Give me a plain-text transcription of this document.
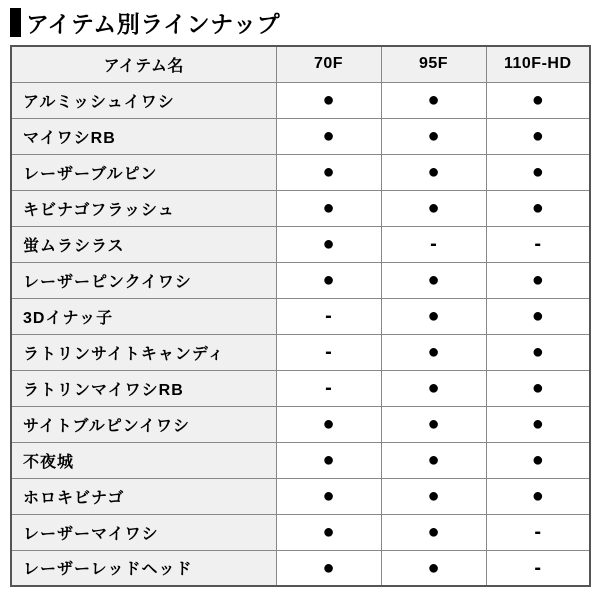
アイテム別ラインナップ
アイテム名	70F	95F	110F-HD
アルミッシュイワシ	●	●	●
マイワシRB	●	●	●
レーザーブルピン	●	●	●
キビナゴフラッシュ	●	●	●
蛍ムラシラス	●	-	-
レーザーピンクイワシ	●	●	●
3Dイナッ子	-	●	●
ラトリンサイトキャンディ	-	●	●
ラトリンマイワシRB	-	●	●
サイトブルピンイワシ	●	●	●
不夜城	●	●	●
ホロキビナゴ	●	●	●
レーザーマイワシ	●	●	-
レーザーレッドヘッド	●	●	-
